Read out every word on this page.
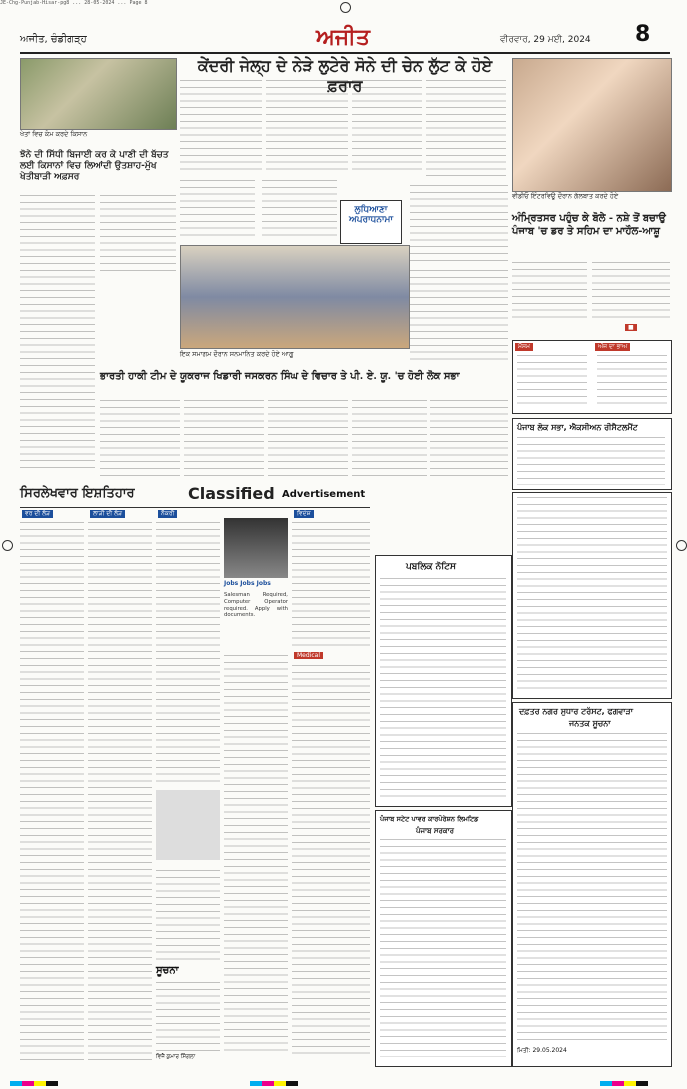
JE-Chg-Punjab-Hisar-pg8 ... 28-05-2024 ... Page 8
ਅਜੀਤ, ਚੰਡੀਗੜ੍ਹ	ਅਜੀਤ	ਵੀਰਵਾਰ, 29 ਮਈ, 2024 8
ਕੇਂਦਰੀ ਜੇਲ੍ਹ ਦੇ ਨੇੜੇ ਲੁਟੇਰੇ ਸੋਨੇ ਦੀ ਚੇਨ ਲੁੱਟ ਕੇ ਹੋਏ ਫ਼ਰਾਰ
ਖੇਤਾਂ ਵਿਚ ਕੰਮ ਕਰਦੇ ਕਿਸਾਨ
ਝੋਨੇ ਦੀ ਸਿੱਧੀ ਬਿਜਾਈ ਕਰ ਕੇ ਪਾਣੀ ਦੀ ਬੱਚਤ ਲਈ ਕਿਸਾਨਾਂ ਵਿਚ ਲਿਆਂਦੀ ਉਤਸ਼ਾਹ-ਮੁੱਖ ਖੇਤੀਬਾੜੀ ਅਫ਼ਸਰ
ਵੀਡੀਓ ਇੰਟਰਵਿਊ ਦੌਰਾਨ ਗੱਲਬਾਤ ਕਰਦੇ ਹੋਏ
ਅੰਮ੍ਰਿਤਸਰ ਪਹੁੰਚ ਕੇ ਬੋਲੇ - ਨਸ਼ੇ ਤੋਂ ਬਚਾਉ ਪੰਜਾਬ 'ਚ ਡਰ ਤੇ ਸਹਿਮ ਦਾ ਮਾਹੌਲ-ਆਸ਼ੂ
■
ਮੌਸਮ	ਅੱਜ ਦਾ ਭਾਅ
ਲੁਧਿਆਣਾ ਅਪਰਾਧਨਾਮਾ
ਇਕ ਸਮਾਗਮ ਦੌਰਾਨ ਸਨਮਾਨਿਤ ਕਰਦੇ ਹੋਏ ਆਗੂ
ਭਾਰਤੀ ਹਾਕੀ ਟੀਮ ਦੇ ਯੂਕਰਾਜ ਖਿਡਾਰੀ ਜਸਕਰਨ ਸਿੰਘ ਦੇ ਵਿਚਾਰ ਤੇ ਪੀ. ਏ. ਯੂ. 'ਚ ਹੋਈ ਲੋਕ ਸਭਾ
ਪੰਜਾਬ ਲੋਕ ਸਭਾ, ਐਕਸੀਅਨ ਰੀਸੈਟਲਮੈਂਟ
ਸਿਰਲੇਖਵਾਰ ਇਸ਼ਤਿਹਾਰ	Classified Advertisement
ਵਰ ਦੀ ਲੋੜ	ਲਾੜੀ ਦੀ ਲੋੜ	ਨੌਕਰੀ
ਸੂਚਨਾ
ਵਿਜੈ ਕੁਮਾਰ ਸਿੰਗਲਾ
Jobs Jobs Jobs
Salesman Required, Computer Operator required. Apply with documents.
ਵਿਦੇਸ਼
Medical
ਪਬਲਿਕ ਨੋਟਿਸ
ਪੰਜਾਬ ਸਟੇਟ ਪਾਵਰ ਕਾਰਪੋਰੇਸ਼ਨ ਲਿਮਟਿਡ
ਪੰਜਾਬ ਸਰਕਾਰ
ਦਫ਼ਤਰ ਨਗਰ ਸੁਧਾਰ ਟਰੱਸਟ, ਫਗਵਾੜਾ
ਜਨਤਕ ਸੂਚਨਾ
ਮਿਤੀ: 29.05.2024
